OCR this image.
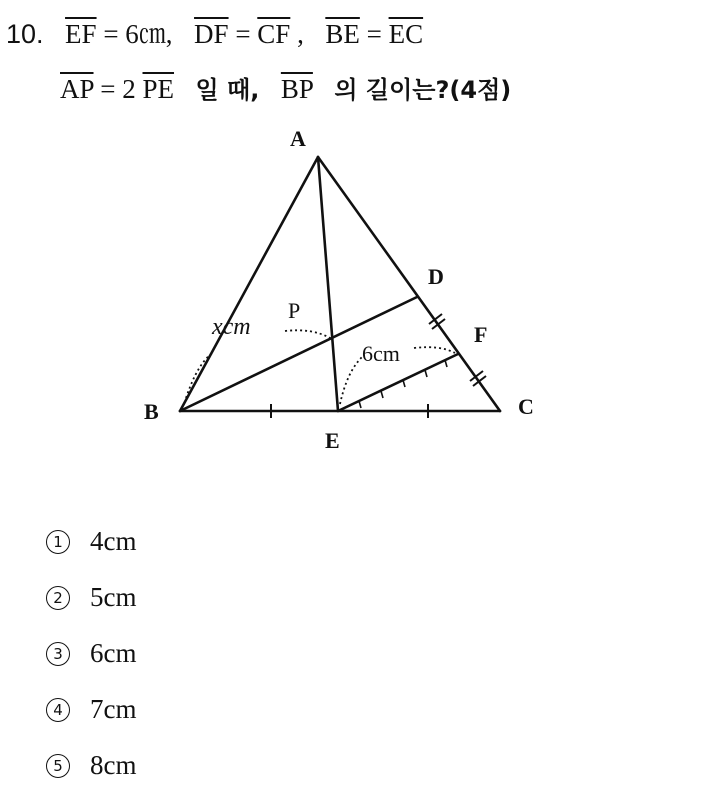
10. $\overline{EF}$ = 6㎝, $\overline{DF} = \overline{CF}$ , $\overline{BE} = \overline{EC}$
$\overline{AP} = 2$ $\overline{PE}$ 일 때, $\overline{BP}$ 의 길이는?(4점)
A
B	C
D
E
F
P
xcm
6cm
1 4cm
2 5cm
3 6cm
4 7cm
5 8cm
